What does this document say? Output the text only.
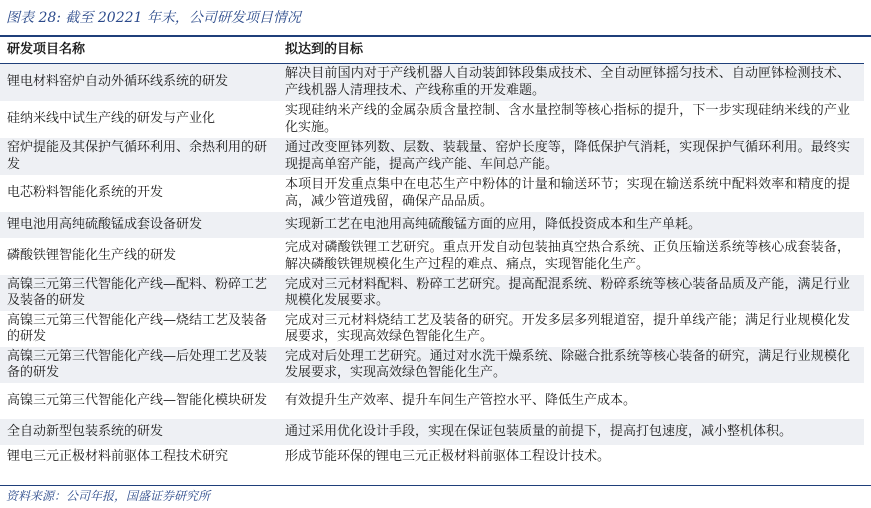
图表 28: 截至 20221 年末，公司研发项目情况
研发项目名称	拟达到的目标
锂电材料窑炉自动外循环线系统的研发	解决目前国内对于产线机器人自动装卸钵段集成技术、全自动匣钵摇匀技术、自动匣钵检测技术、产线机器人清理技术、产线称重的开发难题。
硅纳米线中试生产线的研发与产业化	实现硅纳米产线的金属杂质含量控制、含水量控制等核心指标的提升，下一步实现硅纳米线的产业化实施。
窑炉提能及其保护气循环利用、余热利用的研发	通过改变匣钵列数、层数、装载量、窑炉长度等，降低保护气消耗，实现保护气循环利用。最终实现提高单窑产能，提高产线产能、车间总产能。
电芯粉料智能化系统的开发	本项目开发重点集中在电芯生产中粉体的计量和输送环节；实现在输送系统中配料效率和精度的提高，减少管道残留，确保产品品质。
锂电池用高纯硫酸锰成套设备研发	实现新工艺在电池用高纯硫酸锰方面的应用，降低投资成本和生产单耗。
磷酸铁锂智能化生产线的研发	完成对磷酸铁锂工艺研究。重点开发自动包装抽真空热合系统、正负压输送系统等核心成套装备，解决磷酸铁锂规模化生产过程的难点、痛点，实现智能化生产。
高镍三元第三代智能化产线—配料、粉碎工艺及装备的研发	完成对三元材料配料、粉碎工艺研究。提高配混系统、粉碎系统等核心装备品质及产能，满足行业规模化发展要求。
高镍三元第三代智能化产线—烧结工艺及装备的研发	完成对三元材料烧结工艺及装备的研究。开发多层多列辊道窑，提升单线产能；满足行业规模化发展要求，实现高效绿色智能化生产。
高镍三元第三代智能化产线—后处理工艺及装备的研发	完成对后处理工艺研究。通过对水洗干燥系统、除磁合批系统等核心装备的研究，满足行业规模化发展要求，实现高效绿色智能化生产。
高镍三元第三代智能化产线—智能化模块研发	有效提升生产效率、提升车间生产管控水平、降低生产成本。
全自动新型包装系统的研发	通过采用优化设计手段，实现在保证包装质量的前提下，提高打包速度，减小整机体积。
锂电三元正极材料前驱体工程技术研究	形成节能环保的锂电三元正极材料前驱体工程设计技术。
资料来源：公司年报，国盛证券研究所
